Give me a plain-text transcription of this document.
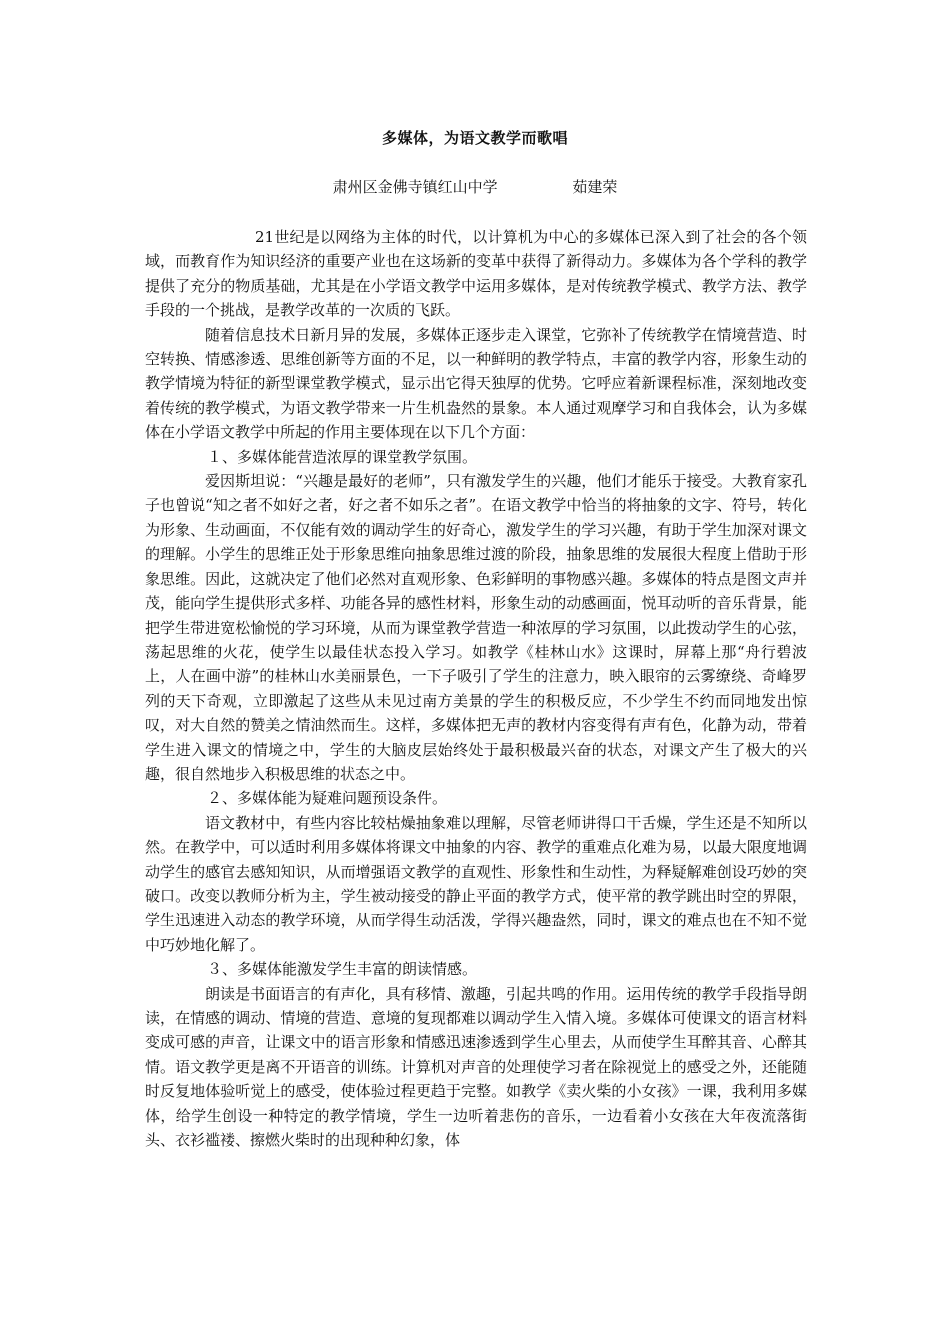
多媒体，为语文教学而歌唱
肃州区金佛寺镇红山中学	茹建荣

21世纪是以网络为主体的时代，以计算机为中心的多媒体已深入到了社会的各个领域，而教育作为知识经济的重要产业也在这场新的变革中获得了新得动力。多媒体为各个学科的教学提供了充分的物质基础，尤其是在小学语文教学中运用多媒体，是对传统教学模式、教学方法、教学手段的一个挑战，是教学改革的一次质的飞跃。

随着信息技术日新月异的发展，多媒体正逐步走入课堂，它弥补了传统教学在情境营造、时空转换、情感渗透、思维创新等方面的不足，以一种鲜明的教学特点，丰富的教学内容，形象生动的教学情境为特征的新型课堂教学模式，显示出它得天独厚的优势。它呼应着新课程标准，深刻地改变着传统的教学模式，为语文教学带来一片生机盎然的景象。本人通过观摩学习和自我体会，认为多媒体在小学语文教学中所起的作用主要体现在以下几个方面：

１、多媒体能营造浓厚的课堂教学氛围。

爱因斯坦说：“兴趣是最好的老师”，只有激发学生的兴趣，他们才能乐于接受。大教育家孔子也曾说“知之者不如好之者，好之者不如乐之者”。在语文教学中恰当的将抽象的文字、符号，转化为形象、生动画面，不仅能有效的调动学生的好奇心，激发学生的学习兴趣，有助于学生加深对课文的理解。小学生的思维正处于形象思维向抽象思维过渡的阶段，抽象思维的发展很大程度上借助于形象思维。因此，这就决定了他们必然对直观形象、色彩鲜明的事物感兴趣。多媒体的特点是图文声并茂，能向学生提供形式多样、功能各异的感性材料，形象生动的动感画面，悦耳动听的音乐背景，能把学生带进宽松愉悦的学习环境，从而为课堂教学营造一种浓厚的学习氛围，以此拨动学生的心弦，荡起思维的火花，使学生以最佳状态投入学习。如教学《桂林山水》这课时，屏幕上那“舟行碧波上，人在画中游”的桂林山水美丽景色，一下子吸引了学生的注意力，映入眼帘的云雾缭绕、奇峰罗列的天下奇观，立即激起了这些从未见过南方美景的学生的积极反应，不少学生不约而同地发出惊叹，对大自然的赞美之情油然而生。这样，多媒体把无声的教材内容变得有声有色，化静为动，带着学生进入课文的情境之中，学生的大脑皮层始终处于最积极最兴奋的状态，对课文产生了极大的兴趣，很自然地步入积极思维的状态之中。

２、多媒体能为疑难问题预设条件。

语文教材中，有些内容比较枯燥抽象难以理解，尽管老师讲得口干舌燥，学生还是不知所以然。在教学中，可以适时利用多媒体将课文中抽象的内容、教学的重难点化难为易，以最大限度地调动学生的感官去感知知识，从而增强语文教学的直观性、形象性和生动性，为释疑解难创设巧妙的突破口。改变以教师分析为主，学生被动接受的静止平面的教学方式，使平常的教学跳出时空的界限，学生迅速进入动态的教学环境，从而学得生动活泼，学得兴趣盎然，同时，课文的难点也在不知不觉中巧妙地化解了。

３、多媒体能激发学生丰富的朗读情感。

朗读是书面语言的有声化，具有移情、激趣，引起共鸣的作用。运用传统的教学手段指导朗读，在情感的调动、情境的营造、意境的复现都难以调动学生入情入境。多媒体可使课文的语言材料变成可感的声音，让课文中的语言形象和情感迅速渗透到学生心里去，从而使学生耳醉其音、心醉其情。语文教学更是离不开语音的训练。计算机对声音的处理使学习者在除视觉上的感受之外，还能随时反复地体验听觉上的感受，使体验过程更趋于完整。如教学《卖火柴的小女孩》一课，我利用多媒体，给学生创设一种特定的教学情境，学生一边听着悲伤的音乐，一边看着小女孩在大年夜流落街头、衣衫褴褛、擦燃火柴时的出现种种幻象，体
